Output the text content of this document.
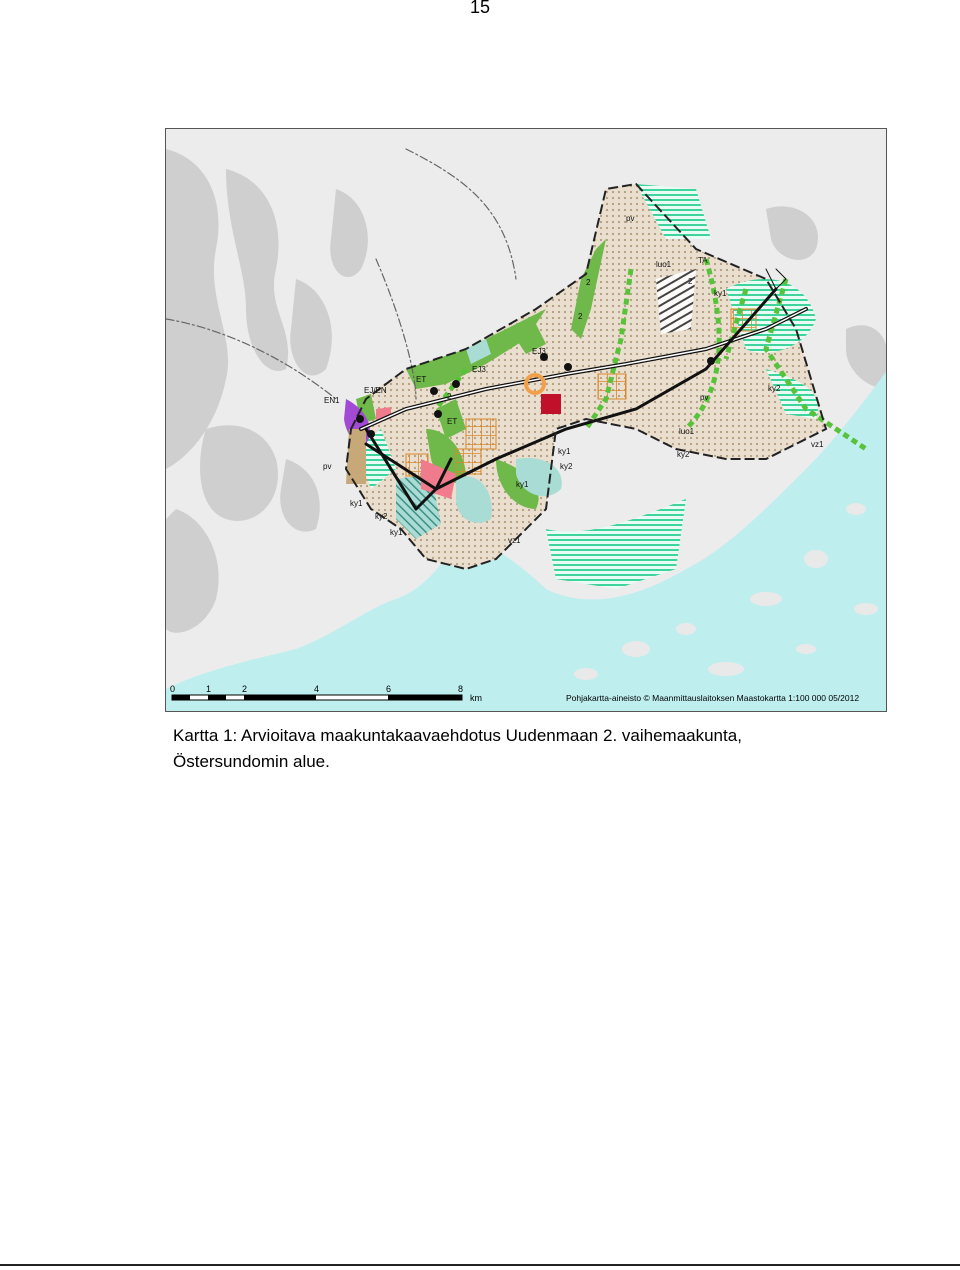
15
pv
luo1	TA
ky1
EJ3
EJ3
ET
ET
EJ/EN
EN1
pv
ky1
ky2
ky1
ky1
ky2
ky1
ky2
pv
luo1
ky2
vz1
vz1
2
2
2
2
0	1	2	4	6	8
km	Pohjakartta-aineisto © Maanmittauslaitoksen Maastokartta 1:100 000 05/2012
Kartta 1: Arvioitava maakuntakaavaehdotus Uudenmaan 2. vaihemaakunta,
Östersundomin alue.
